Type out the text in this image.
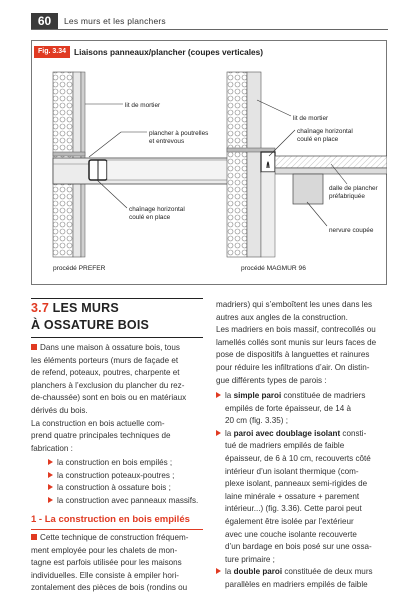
60	Les murs et les planchers
Fig. 3.34 Liaisons panneaux/plancher (coupes verticales)
lit de mortier
plancher à poutrelles
et entrevous
chaînage horizontal
coulé en place
procédé PREFER
lit de mortier
chaînage horizontal
coulé en place
dalle de plancher
préfabriquée
nervure coupée
procédé MAGMUR 96
3.7 LES MURS
À OSSATURE BOIS
Dans une maison à ossature bois, tous
les éléments porteurs (murs de façade et
de refend, poteaux, poutres, charpente et
planchers à l’exclusion du plancher du rez-
de-chaussée) sont en bois ou en matériaux
dérivés du bois.
La construction en bois actuelle com-
prend quatre principales techniques de
fabrication :
la construction en bois empilés ;
la construction poteaux-poutres ;
la construction à ossature bois ;
la construction avec panneaux massifs.
1 - La construction en bois empilés
Cette technique de construction fréquem-
ment employée pour les chalets de mon-
tagne est parfois utilisée pour les maisons
individuelles. Elle consiste à empiler hori-
zontalement des pièces de bois (rondins ou
madriers) qui s’emboîtent les unes dans les
autres aux angles de la construction.
Les madriers en bois massif, contrecollés ou
lamellés collés sont munis sur leurs faces de
pose de dispositifs à languettes et rainures
pour réduire les infiltrations d’air. On distin-
gue différents types de parois :
la simple paroi constituée de madriers
empilés de forte épaisseur, de 14 à
20 cm (fig. 3.35) ;
la paroi avec doublage isolant consti-
tué de madriers empilés de faible
épaisseur, de 6 à 10 cm, recouverts côté
intérieur d’un isolant thermique (com-
plexe isolant, panneaux semi-rigides de
laine minérale + ossature + parement
intérieur...) (fig. 3.36). Cette paroi peut
également être isolée par l’extérieur
avec une couche isolante recouverte
d’un bardage en bois posé sur une ossa-
ture primaire ;
la double paroi constituée de deux murs
parallèles en madriers empilés de faible
